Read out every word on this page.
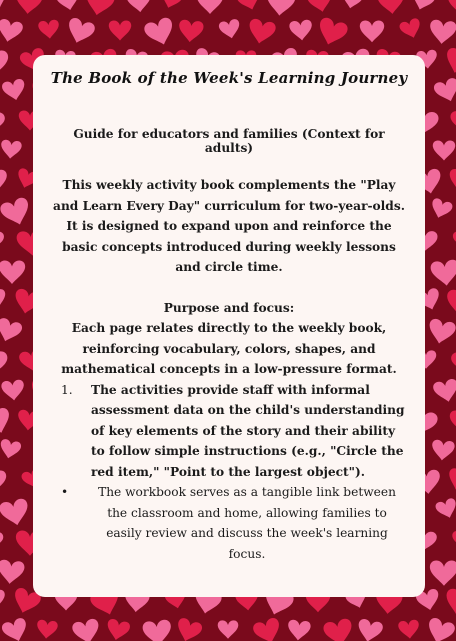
The Book of the Week's Learning Journey

Guide for educators and families (Context for adults)

This weekly activity book complements the "Play and Learn Every Day" curriculum for two-year-olds. It is designed to expand upon and reinforce the basic concepts introduced during weekly lessons and circle time.

Purpose and focus:

Each page relates directly to the weekly book, reinforcing vocabulary, colors, shapes, and mathematical concepts in a low-pressure format.

1. The activities provide staff with informal assessment data on the child's understanding of key elements of the story and their ability to follow simple instructions (e.g., "Circle the red item," "Point to the largest object").
• The workbook serves as a tangible link between the classroom and home, allowing families to easily review and discuss the week's learning focus.
